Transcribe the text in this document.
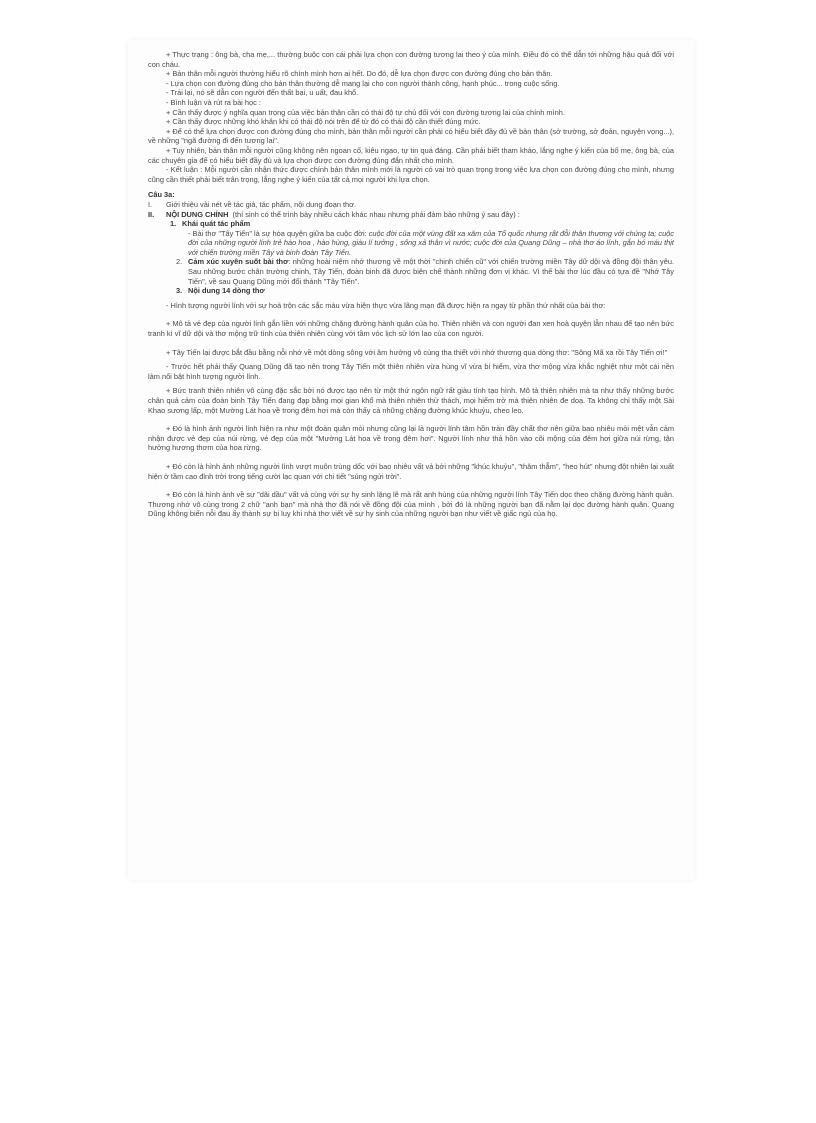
+ Thực trạng : ông bà, cha mẹ,... thường buộc con cái phải lựa chọn con đường tương lai theo ý của mình. Điều đó có thể dẫn tới những hậu quả đối với con cháu.

+ Bản thân mỗi người thường hiểu rõ chính mình hơn ai hết. Do đó, dễ lựa chọn được con đường đúng cho bản thân.

- Lựa chọn con đường đúng cho bản thân thường dễ mang lại cho con người thành công, hạnh phúc... trong cuộc sống.

- Trái lại, nó sẽ dẫn con người đến thất bại, u uất, đau khổ.

- Bình luận và rút ra bài học :

+ Cần thấy được ý nghĩa quan trọng của việc bản thân cần có thái độ tự chủ đối với con đường tương lai của chính mình.

+ Cần thấy được những khó khăn khi có thái độ nói trên để từ đó có thái độ cần thiết đúng mức.

+ Để có thể lựa chọn được con đường đúng cho mình, bản thân mỗi người cần phải có hiểu biết đầy đủ về bản thân (sở trường, sở đoản, nguyện vọng...), về những "ngã đường đi đến tương lai".

+ Tuy nhiên, bản thân mỗi người cũng không nên ngoan cố, kiêu ngạo, tự tin quá đáng. Cần phải biết tham khảo, lắng nghe ý kiến của bố mẹ, ông bà, của các chuyên gia để có hiểu biết đầy đủ và lựa chọn được con đường đúng đắn nhất cho mình.

- Kết luận : Mỗi người cần nhận thức được chính bản thân mình mới là người có vai trò quan trọng trong việc lựa chọn con đường đúng cho mình, nhưng cũng cần thiết phải biết trân trọng, lắng nghe ý kiến của tất cả mọi người khi lựa chọn.

Câu 3a:

I.	Giới thiệu vài nét về tác giả, tác phẩm, nội dung đoạn thơ.
II.	NỘI DUNG CHÍNH (thí sinh có thể trình bày nhiều cách khác nhau nhưng phải đảm bảo những ý sau đây) :
1. Khái quát tác phẩm

- Bài thơ "Tây Tiến" là sự hòa quyện giữa ba cuộc đời: cuộc đời của một vùng đất xa xăm của Tổ quốc nhưng rất đỗi thân thương với chúng ta; cuộc đời của những người lính trẻ hào hoa , hào hùng, giàu lí tưởng , sống xả thân vì nước; cuộc đời của Quang Dũng – nhà thơ áo lính, gắn bó máu thịt với chiến trường miền Tây và binh đoàn Tây Tiến.

2. Cảm xúc xuyên suốt bài thơ: những hoài niệm nhớ thương về một thời "chinh chiến cũ" với chiến trường miền Tây dữ dội và đồng đội thân yêu. Sau những bước chân trường chinh, Tây Tiến, đoàn binh đã được biên chế thành những đơn vị khác. Vì thế bài thơ lúc đầu có tựa đề "Nhớ Tây Tiến", về sau Quang Dũng mới đổi thành "Tây Tiến".
3. Nội dung 14 dòng thơ

- Hình tượng người lính với sự hoà trộn các sắc màu vừa hiện thực vừa lãng mạn đã được hiện ra ngay từ phần thứ nhất của bài thơ:

+ Mô tả vẻ đẹp của người lính gắn liền với những chặng đường hành quân của họ. Thiên nhiên và con người đan xen hoà quyện lẫn nhau để tạo nên bức tranh kì vĩ dữ dội và thơ mộng trữ tình của thiên nhiên cùng với tầm vóc lịch sử lớn lao của con người.

+ Tây Tiến lại được bắt đầu bằng nỗi nhớ về một dòng sông với âm hưởng vô cùng tha thiết với nhớ thương qua dòng thơ: "Sông Mã xa rồi Tây Tiến ơi!"

- Trước hết phải thấy Quang Dũng đã tạo nên trong Tây Tiến một thiên nhiên vừa hùng vĩ vừa bí hiểm, vừa thơ mộng vừa khắc nghiệt như một cái nền làm nổi bật hình tượng người lính.

+ Bức tranh thiên nhiên vô cùng đặc sắc bởi nó được tạo nên từ một thứ ngôn ngữ rất giàu tính tạo hình. Mô tả thiên nhiên mà ta như thấy những bước chân quả cảm của đoàn binh Tây Tiến đang đạp bằng mọi gian khổ mà thiên nhiên thử thách, mọi hiểm trở mà thiên nhiên đe doạ. Ta không chỉ thấy một Sài Khao sương lấp, một Mường Lát hoa về trong đêm hơi mà còn thấy cả những chặng đường khúc khuỷu, cheo leo.

+ Đó là hình ảnh người lính hiện ra như một đoàn quân mỏi nhưng cũng lại là người lính tâm hồn tràn đầy chất thơ nên giữa bao nhiêu mỏi mệt vẫn cảm nhận được vẻ đẹp của núi rừng, vẻ đẹp của một "Mường Lát hoa về trong đêm hơi". Người lính như thả hồn vào cõi mộng của đêm hơi giữa núi rừng, tận hưởng hương thơm của hoa rừng.

+ Đó còn là hình ảnh những người lính vượt muôn trùng dốc với bao nhiêu vất vả bởi những "khúc khuỷu", "thăm thẳm", "heo hút" nhưng đột nhiên lại xuất hiện ở tầm cao đỉnh trời trong tiếng cười lạc quan với chi tiết "súng ngửi trời".

+ Đó còn là hình ảnh về sự "dãi dầu" vất vả cùng với sự hy sinh lặng lẽ mà rất anh hùng của những người lính Tây Tiến dọc theo chặng đường hành quân. Thương nhớ vô cùng trong 2 chữ "anh bạn" mà nhà thơ đã nói về đồng đội của mình , bởi đó là những người bạn đã nằm lại dọc đường hành quân. Quang Dũng không biến nỗi đau ấy thành sự bi luỵ khi nhà thơ viết về sự hy sinh của những người bạn như viết về giấc ngủ của họ.
